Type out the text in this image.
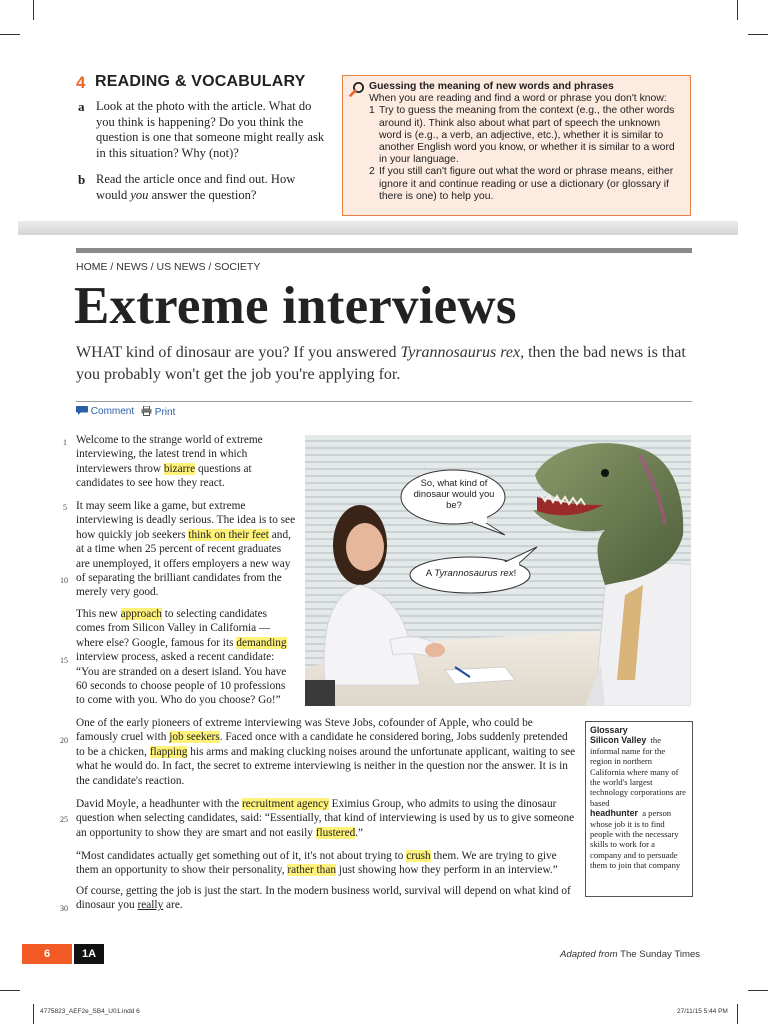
4 READING & VOCABULARY
a Look at the photo with the article. What do you think is happening? Do you think the question is one that someone might really ask in this situation? Why (not)?
b Read the article once and find out. How would you answer the question?
Guessing the meaning of new words and phrases
When you are reading and find a word or phrase you don't know:
1 Try to guess the meaning from the context (e.g., the other words around it). Think also about what part of speech the unknown word is (e.g., a verb, an adjective, etc.), whether it is similar to another English word you know, or whether it is similar to a word in your language.
2 If you still can't figure out what the word or phrase means, either ignore it and continue reading or use a dictionary (or glossary if there is one) to help you.
HOME / NEWS / US NEWS / SOCIETY
Extreme interviews
WHAT kind of dinosaur are you? If you answered Tyrannosaurus rex, then the bad news is that you probably won't get the job you're applying for.
Comment	Print
1
5
10
15
20
25
30
Welcome to the strange world of extreme interviewing, the latest trend in which interviewers throw bizarre questions at candidates to see how they react.
It may seem like a game, but extreme interviewing is deadly serious. The idea is to see how quickly job seekers think on their feet and, at a time when 25 percent of recent graduates are unemployed, it offers employers a new way of separating the brilliant candidates from the merely very good.
This new approach to selecting candidates comes from Silicon Valley in California — where else? Google, famous for its demanding interview process, asked a recent candidate: “You are stranded on a desert island. You have 60 seconds to choose people of 10 professions to come with you. Who do you choose? Go!”
One of the early pioneers of extreme interviewing was Steve Jobs, cofounder of Apple, who could be famously cruel with job seekers. Faced once with a candidate he considered boring, Jobs suddenly pretended to be a chicken, flapping his arms and making clucking noises around the unfortunate applicant, waiting to see what he would do. In fact, the secret to extreme interviewing is neither in the question nor the answer. It is in the candidate's reaction.
David Moyle, a headhunter with the recruitment agency Eximius Group, who admits to using the dinosaur question when selecting candidates, said: “Essentially, that kind of interviewing is used by us to give someone an opportunity to show they are smart and not easily flustered.”
“Most candidates actually get something out of it, it's not about trying to crush them. We are trying to give them an opportunity to show their personality, rather than just showing how they perform in an interview.”
Of course, getting the job is just the start. In the modern business world, survival will depend on what kind of dinosaur you really are.
So, what kind of dinosaur would you be?
A Tyrannosaurus rex!
Glossary
Silicon Valley the informal name for the region in northern California where many of the world's largest technology corporations are based
headhunter a person whose job it is to find people with the necessary skills to work for a company and to persuade them to join that company
6	1A	Adapted from The Sunday Times
4775823_AEF2e_SB4_U01.indd 6	27/11/15 5:44 PM
